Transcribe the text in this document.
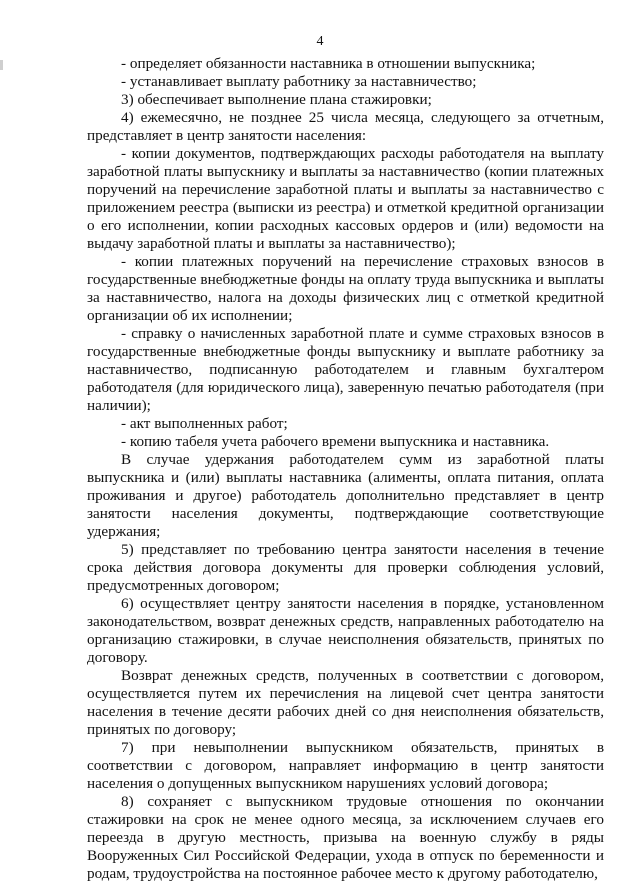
4

- определяет обязанности наставника в отношении выпускника;

- устанавливает выплату работнику за наставничество;

3) обеспечивает выполнение плана стажировки;

4) ежемесячно, не позднее 25 числа месяца, следующего за отчетным, представляет в центр занятости населения:

- копии документов, подтверждающих расходы работодателя на выплату заработной платы выпускнику и выплаты за наставничество (копии платежных поручений на перечисление заработной платы и выплаты за наставничество с приложением реестра (выписки из реестра) и отметкой кредитной организации о его исполнении, копии расходных кассовых ордеров и (или) ведомости на выдачу заработной платы и выплаты за наставничество);

- копии платежных поручений на перечисление страховых взносов в государственные внебюджетные фонды на оплату труда выпускника и выплаты за наставничество, налога на доходы физических лиц с отметкой кредитной организации об их исполнении;

- справку о начисленных заработной плате и сумме страховых взносов в государственные внебюджетные фонды выпускнику и выплате работнику за наставничество, подписанную работодателем и главным бухгалтером работодателя (для юридического лица), заверенную печатью работодателя (при наличии);

- акт выполненных работ;

- копию табеля учета рабочего времени выпускника и наставника.

В случае удержания работодателем сумм из заработной платы выпускника и (или) выплаты наставника (алименты, оплата питания, оплата проживания и другое) работодатель дополнительно представляет в центр занятости населения документы, подтверждающие соответствующие удержания;

5) представляет по требованию центра занятости населения в течение срока действия договора документы для проверки соблюдения условий, предусмотренных договором;

6) осуществляет центру занятости населения в порядке, установленном законодательством, возврат денежных средств, направленных работодателю на организацию стажировки, в случае неисполнения обязательств, принятых по договору.

Возврат денежных средств, полученных в соответствии с договором, осуществляется путем их перечисления на лицевой счет центра занятости населения в течение десяти рабочих дней со дня неисполнения обязательств, принятых по договору;

7) при невыполнении выпускником обязательств, принятых в соответствии с договором, направляет информацию в центр занятости населения о допущенных выпускником нарушениях условий договора;

8) сохраняет с выпускником трудовые отношения по окончании стажировки на срок не менее одного месяца, за исключением случаев его переезда в другую местность, призыва на военную службу в ряды Вооруженных Сил Российской Федерации, ухода в отпуск по беременности и родам, трудоустройства на постоянное рабочее место к другому работодателю,
